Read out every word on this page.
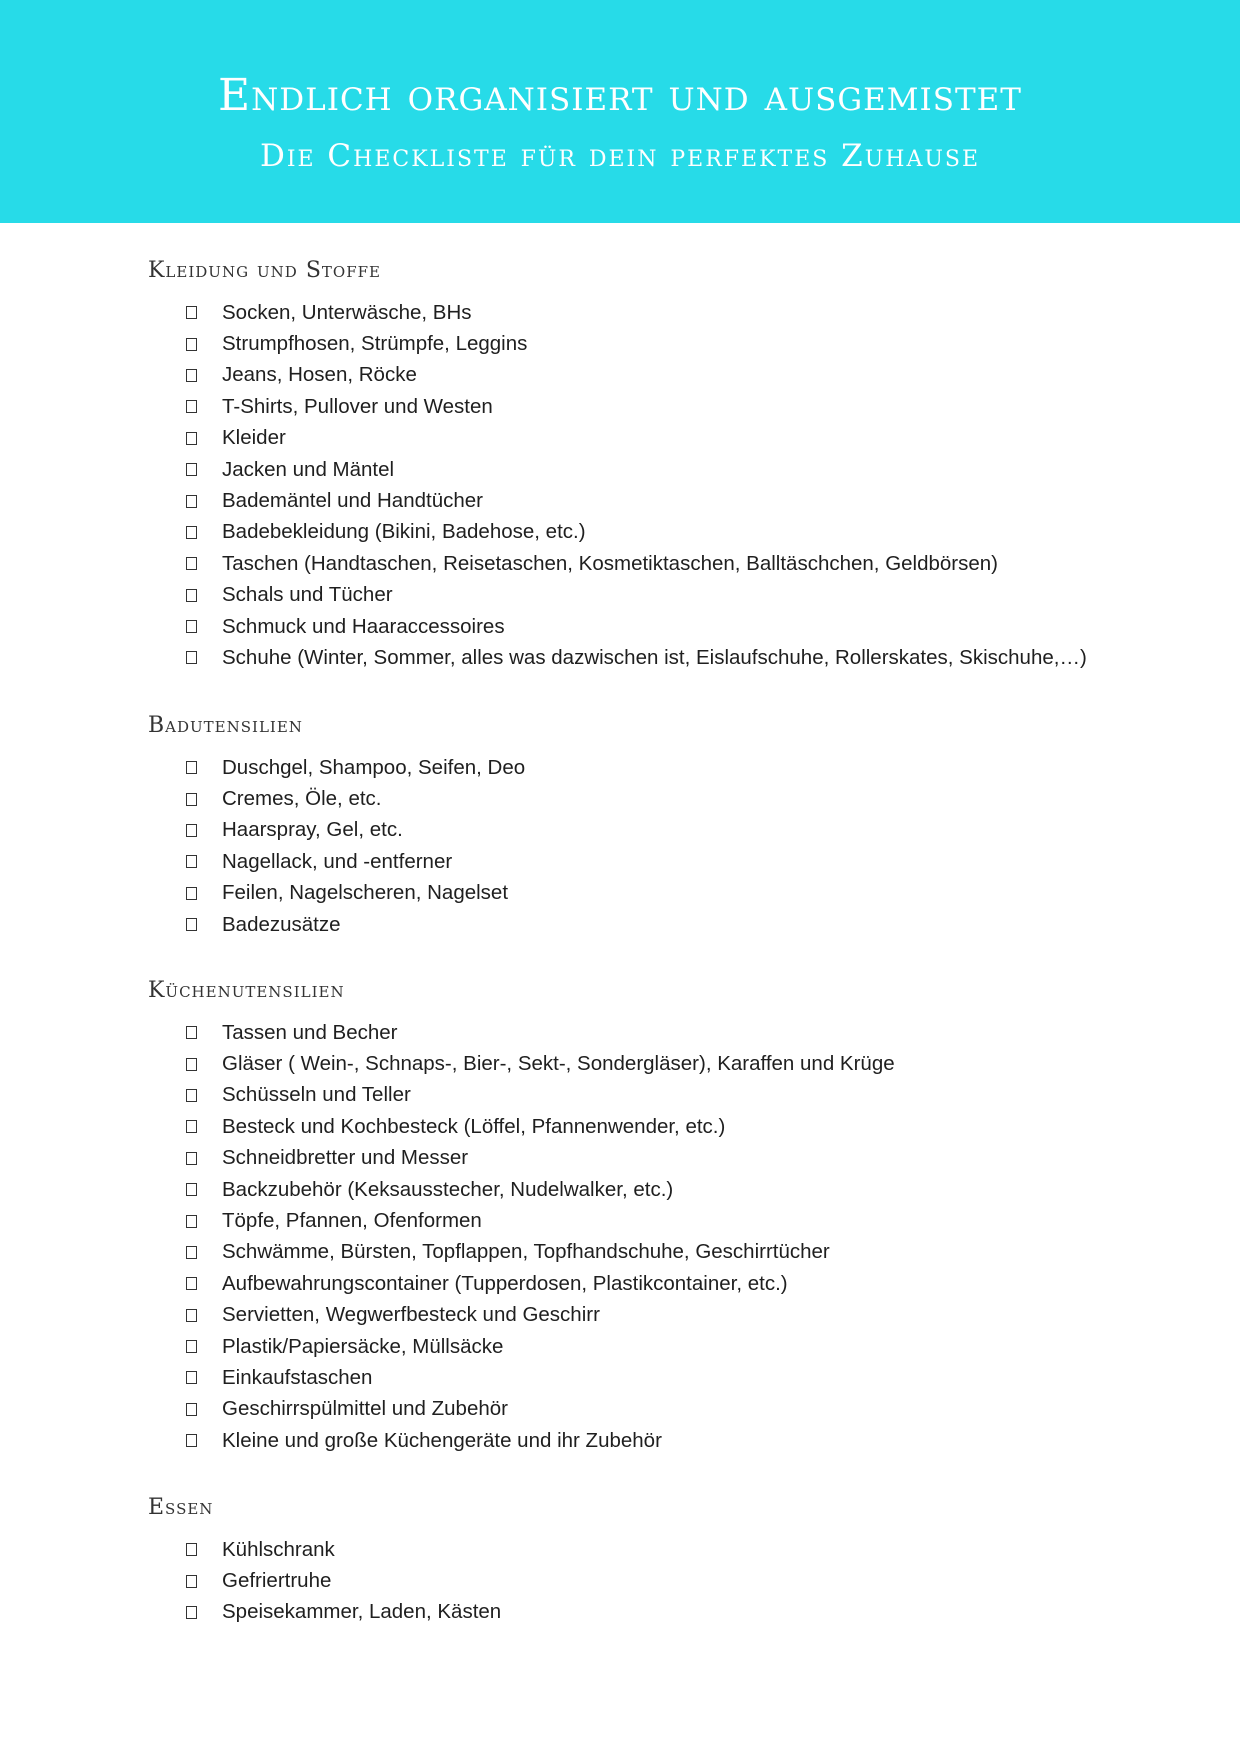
Endlich organisiert und ausgemistet
Die Checkliste für dein perfektes Zuhause
Kleidung und Stoffe
Socken, Unterwäsche, BHs
Strumpfhosen, Strümpfe, Leggins
Jeans, Hosen, Röcke
T-Shirts, Pullover und Westen
Kleider
Jacken und Mäntel
Bademäntel und Handtücher
Badebekleidung (Bikini, Badehose, etc.)
Taschen (Handtaschen, Reisetaschen, Kosmetiktaschen, Balltäschchen, Geldbörsen)
Schals und Tücher
Schmuck und Haaraccessoires
Schuhe (Winter, Sommer, alles was dazwischen ist, Eislaufschuhe, Rollerskates, Skischuhe,…)
Badutensilien
Duschgel, Shampoo, Seifen, Deo
Cremes, Öle, etc.
Haarspray, Gel, etc.
Nagellack, und -entferner
Feilen, Nagelscheren, Nagelset
Badezusätze
Küchenutensilien
Tassen und Becher
Gläser ( Wein-, Schnaps-, Bier-, Sekt-, Sondergläser), Karaffen und Krüge
Schüsseln und Teller
Besteck und Kochbesteck (Löffel, Pfannenwender, etc.)
Schneidbretter und Messer
Backzubehör (Keksausstecher, Nudelwalker, etc.)
Töpfe, Pfannen, Ofenformen
Schwämme, Bürsten, Topflappen, Topfhandschuhe, Geschirrtücher
Aufbewahrungscontainer (Tupperdosen, Plastikcontainer, etc.)
Servietten, Wegwerfbesteck und Geschirr
Plastik/Papiersäcke, Müllsäcke
Einkaufstaschen
Geschirrspülmittel und Zubehör
Kleine und große Küchengeräte und ihr Zubehör
Essen
Kühlschrank
Gefriertruhe
Speisekammer, Laden, Kästen
